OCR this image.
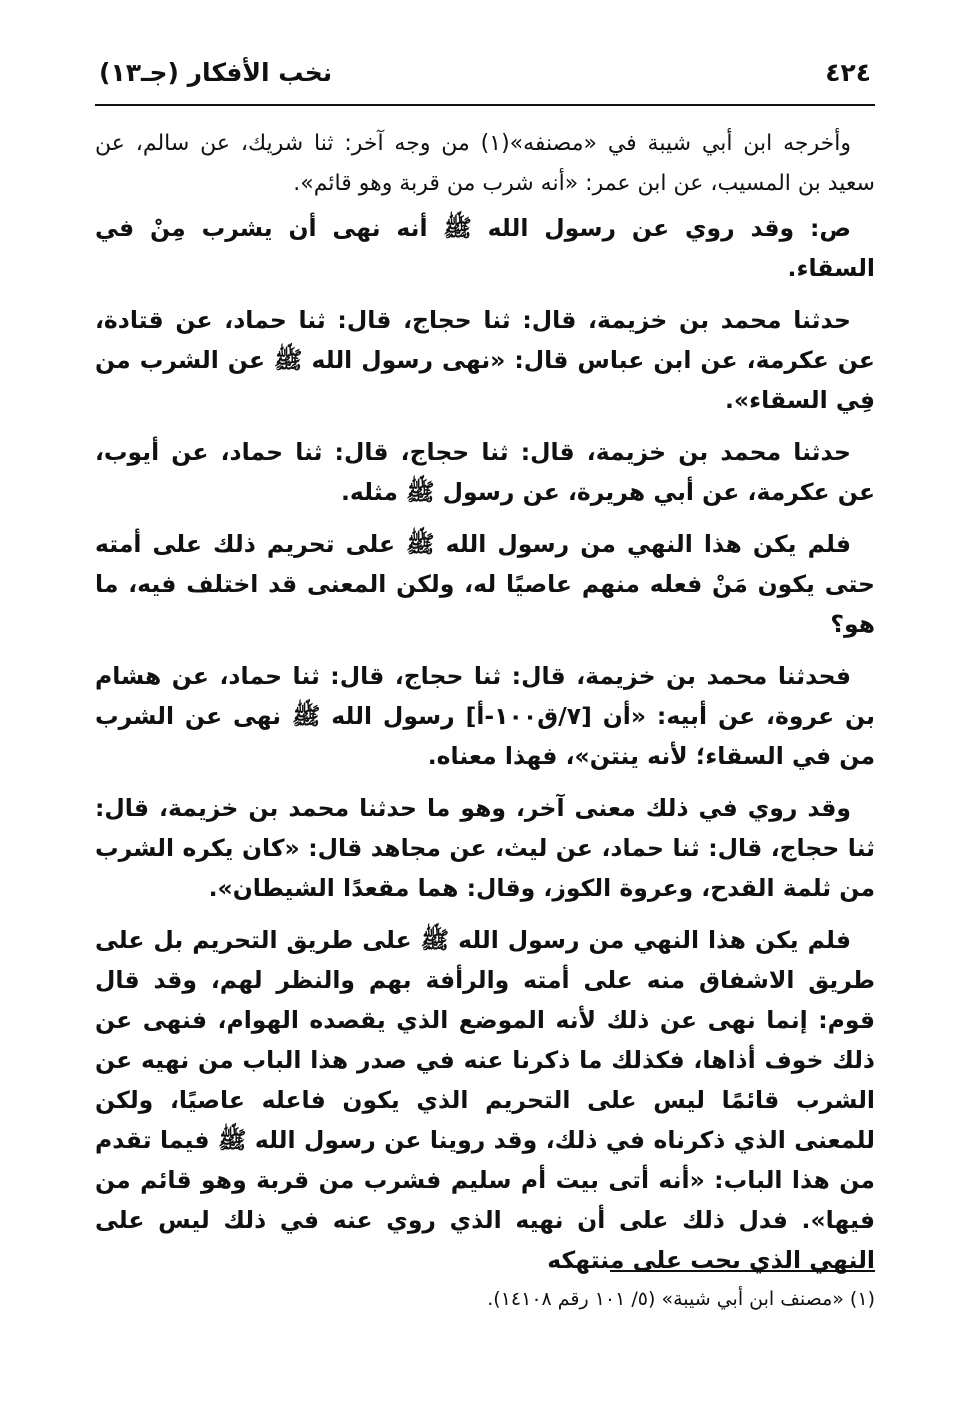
٤٢٤
نخب الأفكار (جـ١٣)

وأخرجه ابن أبي شيبة في «مصنفه»(١) من وجه آخر: ثنا شريك، عن سالم، عن سعيد بن المسيب، عن ابن عمر: «أنه شرب من قربة وهو قائم».

ص: وقد روي عن رسول الله ﷺ أنه نهى أن يشرب مِنْ في السقاء.

حدثنا محمد بن خزيمة، قال: ثنا حجاج، قال: ثنا حماد، عن قتادة، عن عكرمة، عن ابن عباس قال: «نهى رسول الله ﷺ عن الشرب من فِي السقاء».

حدثنا محمد بن خزيمة، قال: ثنا حجاج، قال: ثنا حماد، عن أيوب، عن عكرمة، عن أبي هريرة، عن رسول ﷺ مثله.

فلم يكن هذا النهي من رسول الله ﷺ على تحريم ذلك على أمته حتى يكون مَنْ فعله منهم عاصيًا له، ولكن المعنى قد اختلف فيه، ما هو؟

فحدثنا محمد بن خزيمة، قال: ثنا حجاج، قال: ثنا حماد، عن هشام بن عروة، عن أبيه: «أن [٧/ق١٠٠-أ] رسول الله ﷺ نهى عن الشرب من في السقاء؛ لأنه ينتن»، فهذا معناه.

وقد روي في ذلك معنى آخر، وهو ما حدثنا محمد بن خزيمة، قال: ثنا حجاج، قال: ثنا حماد، عن ليث، عن مجاهد قال: «كان يكره الشرب من ثلمة القدح، وعروة الكوز، وقال: هما مقعدًا الشيطان».

فلم يكن هذا النهي من رسول الله ﷺ على طريق التحريم بل على طريق الاشفاق منه على أمته والرأفة بهم والنظر لهم، وقد قال قوم: إنما نهى عن ذلك لأنه الموضع الذي يقصده الهوام، فنهى عن ذلك خوف أذاها، فكذلك ما ذكرنا عنه في صدر هذا الباب من نهيه عن الشرب قائمًا ليس على التحريم الذي يكون فاعله عاصيًا، ولكن للمعنى الذي ذكرناه في ذلك، وقد روينا عن رسول الله ﷺ فيما تقدم من هذا الباب: «أنه أتى بيت أم سليم فشرب من قربة وهو قائم من فيها». فدل ذلك على أن نهيه الذي روي عنه في ذلك ليس على النهي الذي يجب على منتهكه

(١) «مصنف ابن أبي شيبة» (٥/ ١٠١ رقم ١٤١٠٨).
